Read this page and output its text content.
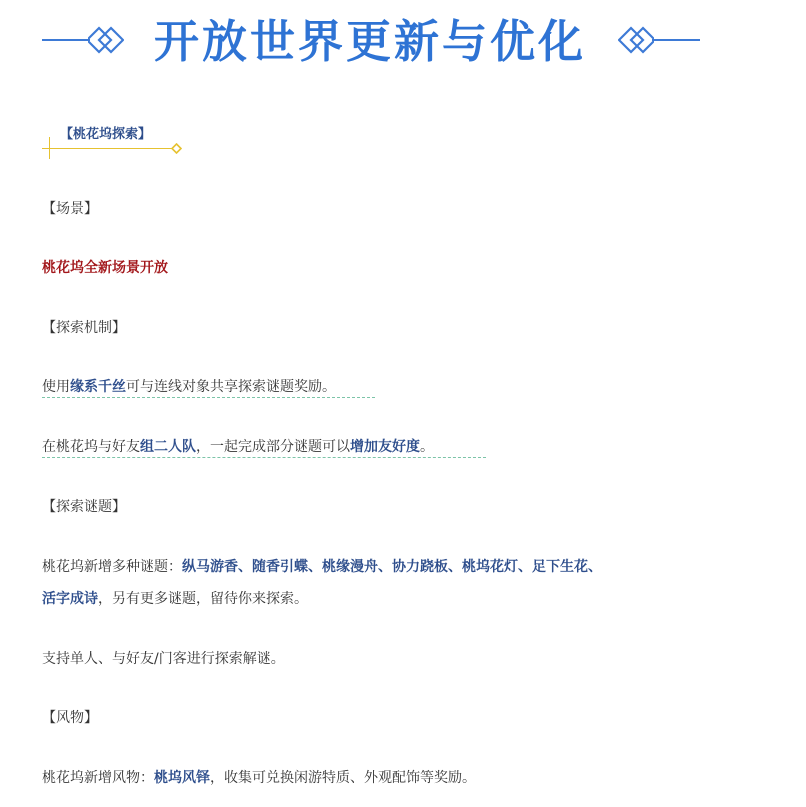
开放世界更新与优化
【桃花坞探索】
【场景】
桃花坞全新场景开放
【探索机制】
使用缘系千丝可与连线对象共享探索谜题奖励。
在桃花坞与好友组二人队，一起完成部分谜题可以增加友好度。
【探索谜题】
桃花坞新增多种谜题：纵马游香、随香引蝶、桃缘漫舟、协力跷板、桃坞花灯、足下生花、
活字成诗，另有更多谜题，留待你来探索。
支持单人、与好友/门客进行探索解谜。
【风物】
桃花坞新增风物：桃坞风铎，收集可兑换闲游特质、外观配饰等奖励。
